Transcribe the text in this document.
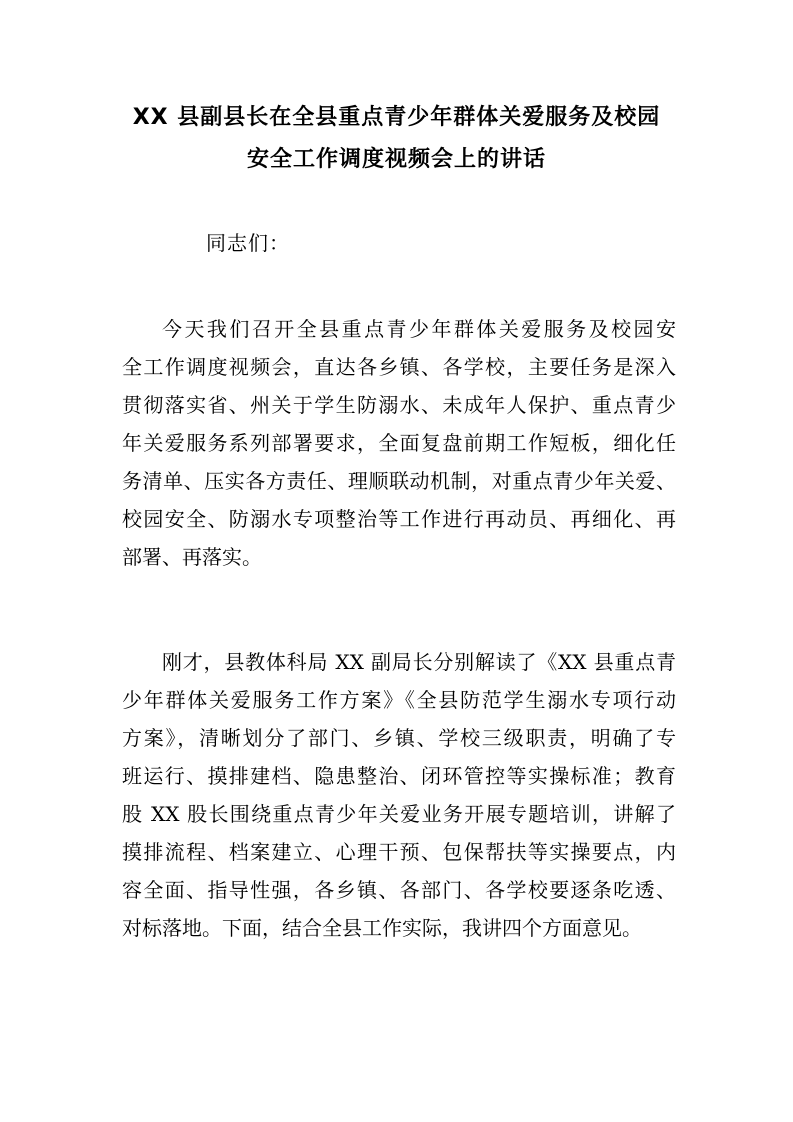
XX 县副县长在全县重点青少年群体关爱服务及校园
安全工作调度视频会上的讲话

同志们：

今天我们召开全县重点青少年群体关爱服务及校园安
全工作调度视频会，直达各乡镇、各学校，主要任务是深入
贯彻落实省、州关于学生防溺水、未成年人保护、重点青少
年关爱服务系列部署要求，全面复盘前期工作短板，细化任
务清单、压实各方责任、理顺联动机制，对重点青少年关爱、
校园安全、防溺水专项整治等工作进行再动员、再细化、再
部署、再落实。
刚才，县教体科局 XX 副局长分别解读了《XX 县重点青
少年群体关爱服务工作方案》《全县防范学生溺水专项行动
方案》，清晰划分了部门、乡镇、学校三级职责，明确了专
班运行、摸排建档、隐患整治、闭环管控等实操标准；教育
股 XX 股长围绕重点青少年关爱业务开展专题培训，讲解了
摸排流程、档案建立、心理干预、包保帮扶等实操要点，内
容全面、指导性强，各乡镇、各部门、各学校要逐条吃透、
对标落地。下面，结合全县工作实际，我讲四个方面意见。
